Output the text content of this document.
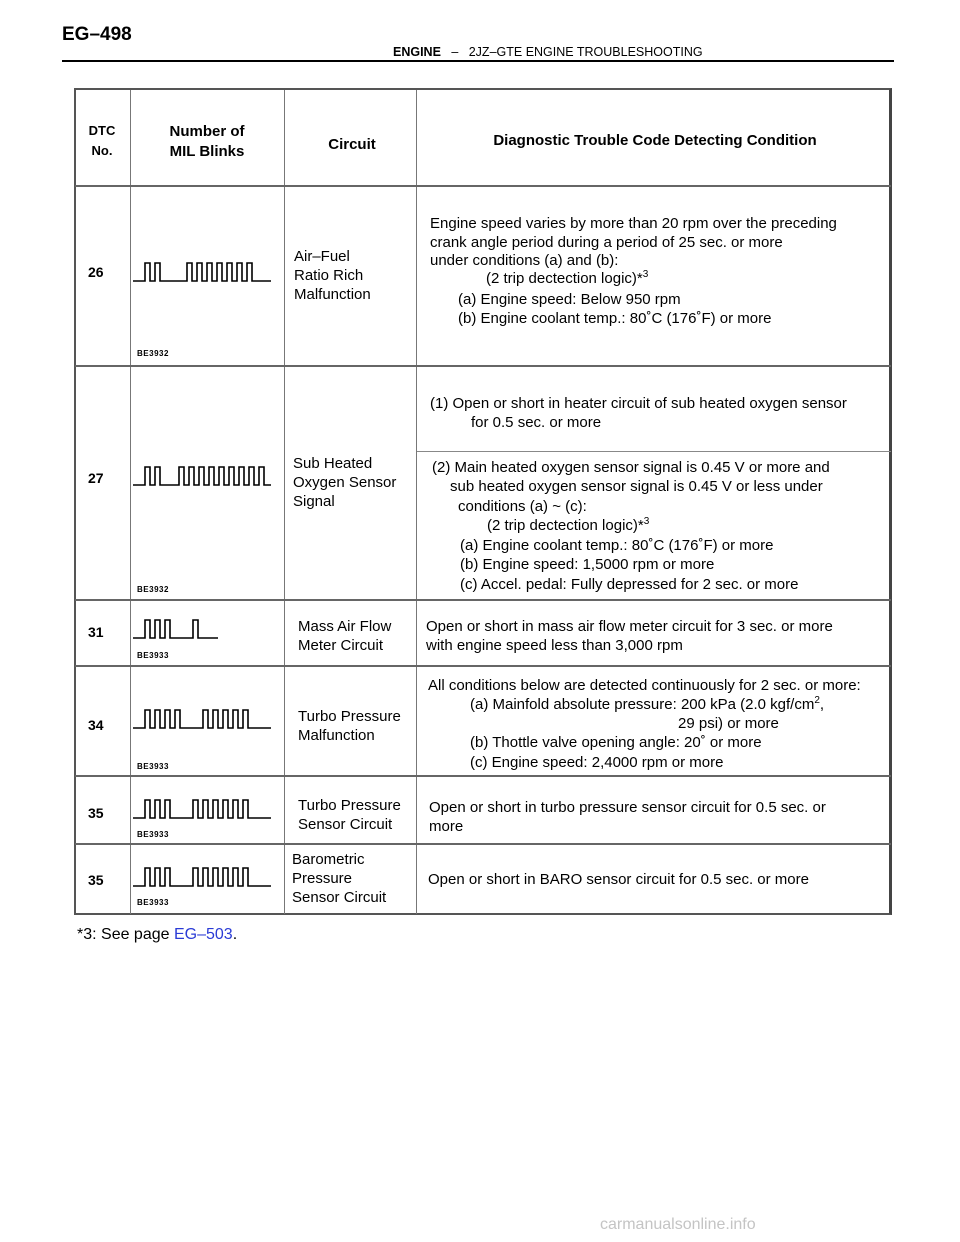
EG–498
ENGINE – 2JZ–GTE ENGINE TROUBLESHOOTING
DTC
No.
Number of
MIL Blinks	Circuit	Diagnostic Trouble Code Detecting Condition
26
BE3932
Air–Fuel
Ratio Rich
Malfunction
Engine speed varies by more than 20 rpm over the preceding
crank angle period during a period of 25 sec. or more
under conditions (a) and (b):
(2 trip dectection logic)*$^3$
(a) Engine speed: Below 950 rpm
(b) Engine coolant temp.: 80˚C (176˚F) or more
27
BE3932
Sub Heated
Oxygen Sensor
Signal
(1) Open or short in heater circuit of sub heated oxygen sensor
for 0.5 sec. or more
(2) Main heated oxygen sensor signal is 0.45 V or more and
sub heated oxygen sensor signal is 0.45 V or less under
conditions (a) ~ (c):
(2 trip dectection logic)*$^3$
(a) Engine coolant temp.: 80˚C (176˚F) or more
(b) Engine speed: 1,5000 rpm or more
(c) Accel. pedal: Fully depressed for 2 sec. or more
31
BE3933
Mass Air Flow
Meter Circuit
Open or short in mass air flow meter circuit for 3 sec. or more
with engine speed less than 3,000 rpm
34
BE3933
Turbo Pressure
Malfunction
All conditions below are detected continuously for 2 sec. or more:
(a) Mainfold absolute pressure: 200 kPa (2.0 kgf/$cm^2$,
29 psi) or more
(b) Thottle valve opening angle: 20˚ or more
(c) Engine speed: 2,4000 rpm or more
35
BE3933
Turbo Pressure
Sensor Circuit
Open or short in turbo pressure sensor circuit for 0.5 sec. or
more
35
BE3933
Barometric
Pressure
Sensor Circuit
Open or short in BARO sensor circuit for 0.5 sec. or more
*3: See page EG–503.
carmanualsonline.info
